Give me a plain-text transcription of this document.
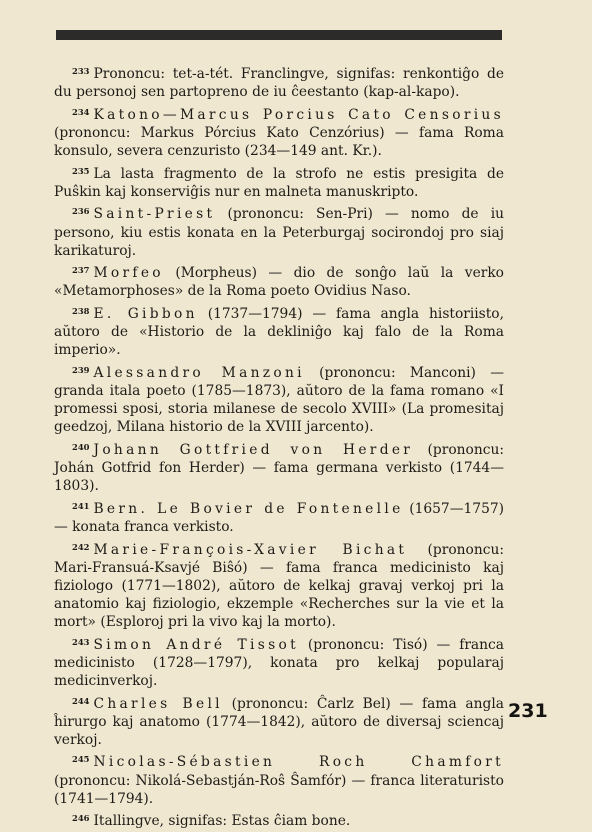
$^{233}$ Prononcu: tet-a-tét. Franclingve, signifas: renkontiĝo de du personoj sen partopreno de iu ĉeestanto (kap-al-kapo).

$^{234}$ Katono—Marcus Porcius Cato Censorius (prononcu: Markus Pórcius Kato Cenzórius) — fama Roma konsulo, severa cenzuristo (234—149 ant. Kr.).

$^{235}$ La lasta fragmento de la strofo ne estis presigita de Puŝkin kaj konserviĝis nur en malneta manuskripto.

$^{236}$ Saint-Priest (prononcu: Sen-Pri) — nomo de iu persono, kiu estis konata en la Peterburgaj socirondoj pro siaj karikaturoj.

$^{237}$ Morfeo (Morpheus) — dio de sonĝo laŭ la verko «Metamorphoses» de la Roma poeto Ovidius Naso.

$^{238}$ E. Gibbon (1737—1794) — fama angla historiisto, aŭtoro de «Historio de la dekliniĝo kaj falo de la Roma imperio».

$^{239}$ Alessandro Manzoni (prononcu: Manconi) — granda itala poeto (1785—1873), aŭtoro de la fama romano «I promessi sposi, storia milanese de secolo XVIII» (La promesitaj geedzoj, Milana historio de la XVIII jarcento).

$^{240}$ Johann Gottfried von Herder (prononcu: Johán Gotfrid fon Herder) — fama germana verkisto (1744—1803).

$^{241}$ Bern. Le Bovier de Fontenelle (1657—1757) — konata franca verkisto.

$^{242}$ Marie-François-Xavier Bichat (prononcu: Mari-Fransuá-Ksavjé Biŝó) — fama franca medicinisto kaj fiziologo (1771—1802), aŭtoro de kelkaj gravaj verkoj pri la anatomio kaj fiziologio, ekzemple «Recherches sur la vie et la mort» (Esploroj pri la vivo kaj la morto).

$^{243}$ Simon André Tissot (prononcu: Tisó) — franca medicinisto (1728—1797), konata pro kelkaj popularaj medicinverkoj.

$^{244}$ Charles Bell (prononcu: Ĉarlz Bel) — fama angla ĥirurgo kaj anatomo (1774—1842), aŭtoro de diversaj sciencaj verkoj.

$^{245}$ Nicolas-Sébastien Roch Chamfort (prononcu: Nikolá-Sebastján-Roŝ Ŝamfór) — franca literaturisto (1741—1794).

$^{246}$ Itallingve, signifas: Estas ĉiam bone.

231
